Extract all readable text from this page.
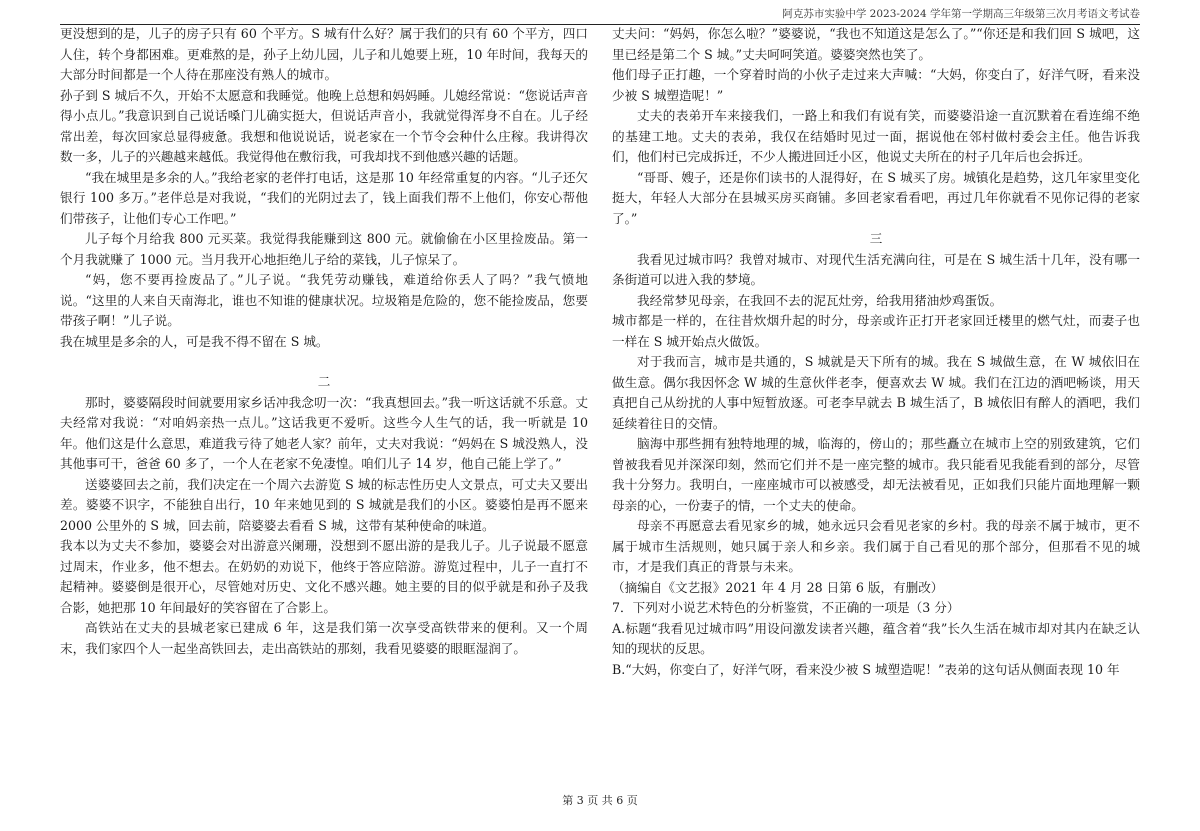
阿克苏市实验中学 2023-2024 学年第一学期高三年级第三次月考语文考试卷

更没想到的是，儿子的房子只有 60 个平方。S 城有什么好？属于我们的只有 60 个平方，四口人住，转个身都困难。更难熬的是，孙子上幼儿园，儿子和儿媳要上班，10 年时间，我每天的大部分时间都是一个人待在那座没有熟人的城市。

孙子到 S 城后不久，开始不太愿意和我睡觉。他晚上总想和妈妈睡。儿媳经常说：“您说话声音得小点儿。”我意识到自己说话嗓门儿确实挺大，但说话声音小，我就觉得浑身不自在。儿子经常出差，每次回家总显得疲惫。我想和他说说话，说老家在一个节令会种什么庄稼。我讲得次数一多，儿子的兴趣越来越低。我觉得他在敷衍我，可我却找不到他感兴趣的话题。

“我在城里是多余的人。”我给老家的老伴打电话，这是那 10 年经常重复的内容。“儿子还欠银行 100 多万。”老伴总是对我说，“我们的光阴过去了，钱上面我们帮不上他们，你安心帮他们带孩子，让他们专心工作吧。”

儿子每个月给我 800 元买菜。我觉得我能赚到这 800 元。就偷偷在小区里捡废品。第一个月我就赚了 1000 元。当月我开心地拒绝儿子给的菜钱，儿子惊呆了。

“妈，您不要再捡废品了。”儿子说。“我凭劳动赚钱，难道给你丢人了吗？”我气愤地说。“这里的人来自天南海北，谁也不知谁的健康状况。垃圾箱是危险的，您不能捡废品，您要带孩子啊！”儿子说。

我在城里是多余的人，可是我不得不留在 S 城。

二

那时，婆婆隔段时间就要用家乡话冲我念叨一次：“我真想回去。”我一听这话就不乐意。丈夫经常对我说：“对咱妈亲热一点儿。”这话我更不爱听。这些今人生气的话，我一听就是 10 年。他们这是什么意思，难道我亏待了她老人家？前年，丈夫对我说：“妈妈在 S 城没熟人，没其他事可干，爸爸 60 多了，一个人在老家不免凄惶。咱们儿子 14 岁，他自己能上学了。”

送婆婆回去之前，我们决定在一个周六去游览 S 城的标志性历史人文景点，可丈夫又要出差。婆婆不识字，不能独自出行，10 年来她见到的 S 城就是我们的小区。婆婆怕是再不愿来 2000 公里外的 S 城，回去前，陪婆婆去看看 S 城，这带有某种使命的味道。

我本以为丈夫不参加，婆婆会对出游意兴阑珊，没想到不愿出游的是我儿子。儿子说最不愿意过周末，作业多，他不想去。在奶奶的劝说下，他终于答应陪游。游览过程中，儿子一直打不起精神。婆婆倒是很开心，尽管她对历史、文化不感兴趣。她主要的目的似乎就是和孙子及我合影，她把那 10 年间最好的笑容留在了合影上。

高铁站在丈夫的县城老家已建成 6 年，这是我们第一次享受高铁带来的便利。又一个周末，我们家四个人一起坐高铁回去，走出高铁站的那刻，我看见婆婆的眼眶湿润了。

丈夫问：“妈妈，你怎么啦？”婆婆说，“我也不知道这是怎么了。”“你还是和我们回 S 城吧，这里已经是第二个 S 城。”丈夫呵呵笑道。婆婆突然也笑了。

他们母子正打趣，一个穿着时尚的小伙子走过来大声喊：“大妈，你变白了，好洋气呀，看来没少被 S 城塑造呢！”

丈夫的表弟开车来接我们，一路上和我们有说有笑，而婆婆沿途一直沉默着在看连绵不绝的基建工地。丈夫的表弟，我仅在结婚时见过一面，据说他在邻村做村委会主任。他告诉我们，他们村已完成拆迁，不少人搬进回迁小区，他说丈夫所在的村子几年后也会拆迁。

“哥哥、嫂子，还是你们读书的人混得好，在 S 城买了房。城镇化是趋势，这几年家里变化挺大，年轻人大部分在县城买房买商铺。多回老家看看吧，再过几年你就看不见你记得的老家了。”

三

我看见过城市吗？我曾对城市、对现代生活充满向往，可是在 S 城生活十几年，没有哪一条街道可以进入我的梦境。

我经常梦见母亲，在我回不去的泥瓦灶旁，给我用猪油炒鸡蛋饭。

城市都是一样的，在往昔炊烟升起的时分，母亲或许正打开老家回迁楼里的燃气灶，而妻子也一样在 S 城开始点火做饭。

对于我而言，城市是共通的，S 城就是天下所有的城。我在 S 城做生意，在 W 城依旧在做生意。偶尔我因怀念 W 城的生意伙伴老李，便喜欢去 W 城。我们在江边的酒吧畅谈，用天真把自己从纷扰的人事中短暂放逐。可老李早就去 B 城生活了，B 城依旧有醉人的酒吧，我们延续着往日的交情。

脑海中那些拥有独特地理的城，临海的，傍山的；那些矗立在城市上空的别致建筑，它们曾被我看见并深深印刻，然而它们并不是一座完整的城市。我只能看见我能看到的部分，尽管我十分努力。我明白，一座座城市可以被感受，却无法被看见，正如我们只能片面地理解一颗母亲的心，一份妻子的情，一个丈夫的使命。

母亲不再愿意去看见家乡的城，她永远只会看见老家的乡村。我的母亲不属于城市，更不属于城市生活规则，她只属于亲人和乡亲。我们属于自己看见的那个部分，但那看不见的城市，才是我们真正的背景与未来。

（摘编自《文艺报》2021 年 4 月 28 日第 6 版，有删改）

7．下列对小说艺术特色的分析鉴赏，不正确的一项是（3 分）

A.标题“我看见过城市吗”用设问激发读者兴趣，蕴含着“我”长久生活在城市却对其内在缺乏认知的现状的反思。

B.“大妈，你变白了，好洋气呀，看来没少被 S 城塑造呢！”表弟的这句话从侧面表现 10 年

第 3 页 共 6 页
